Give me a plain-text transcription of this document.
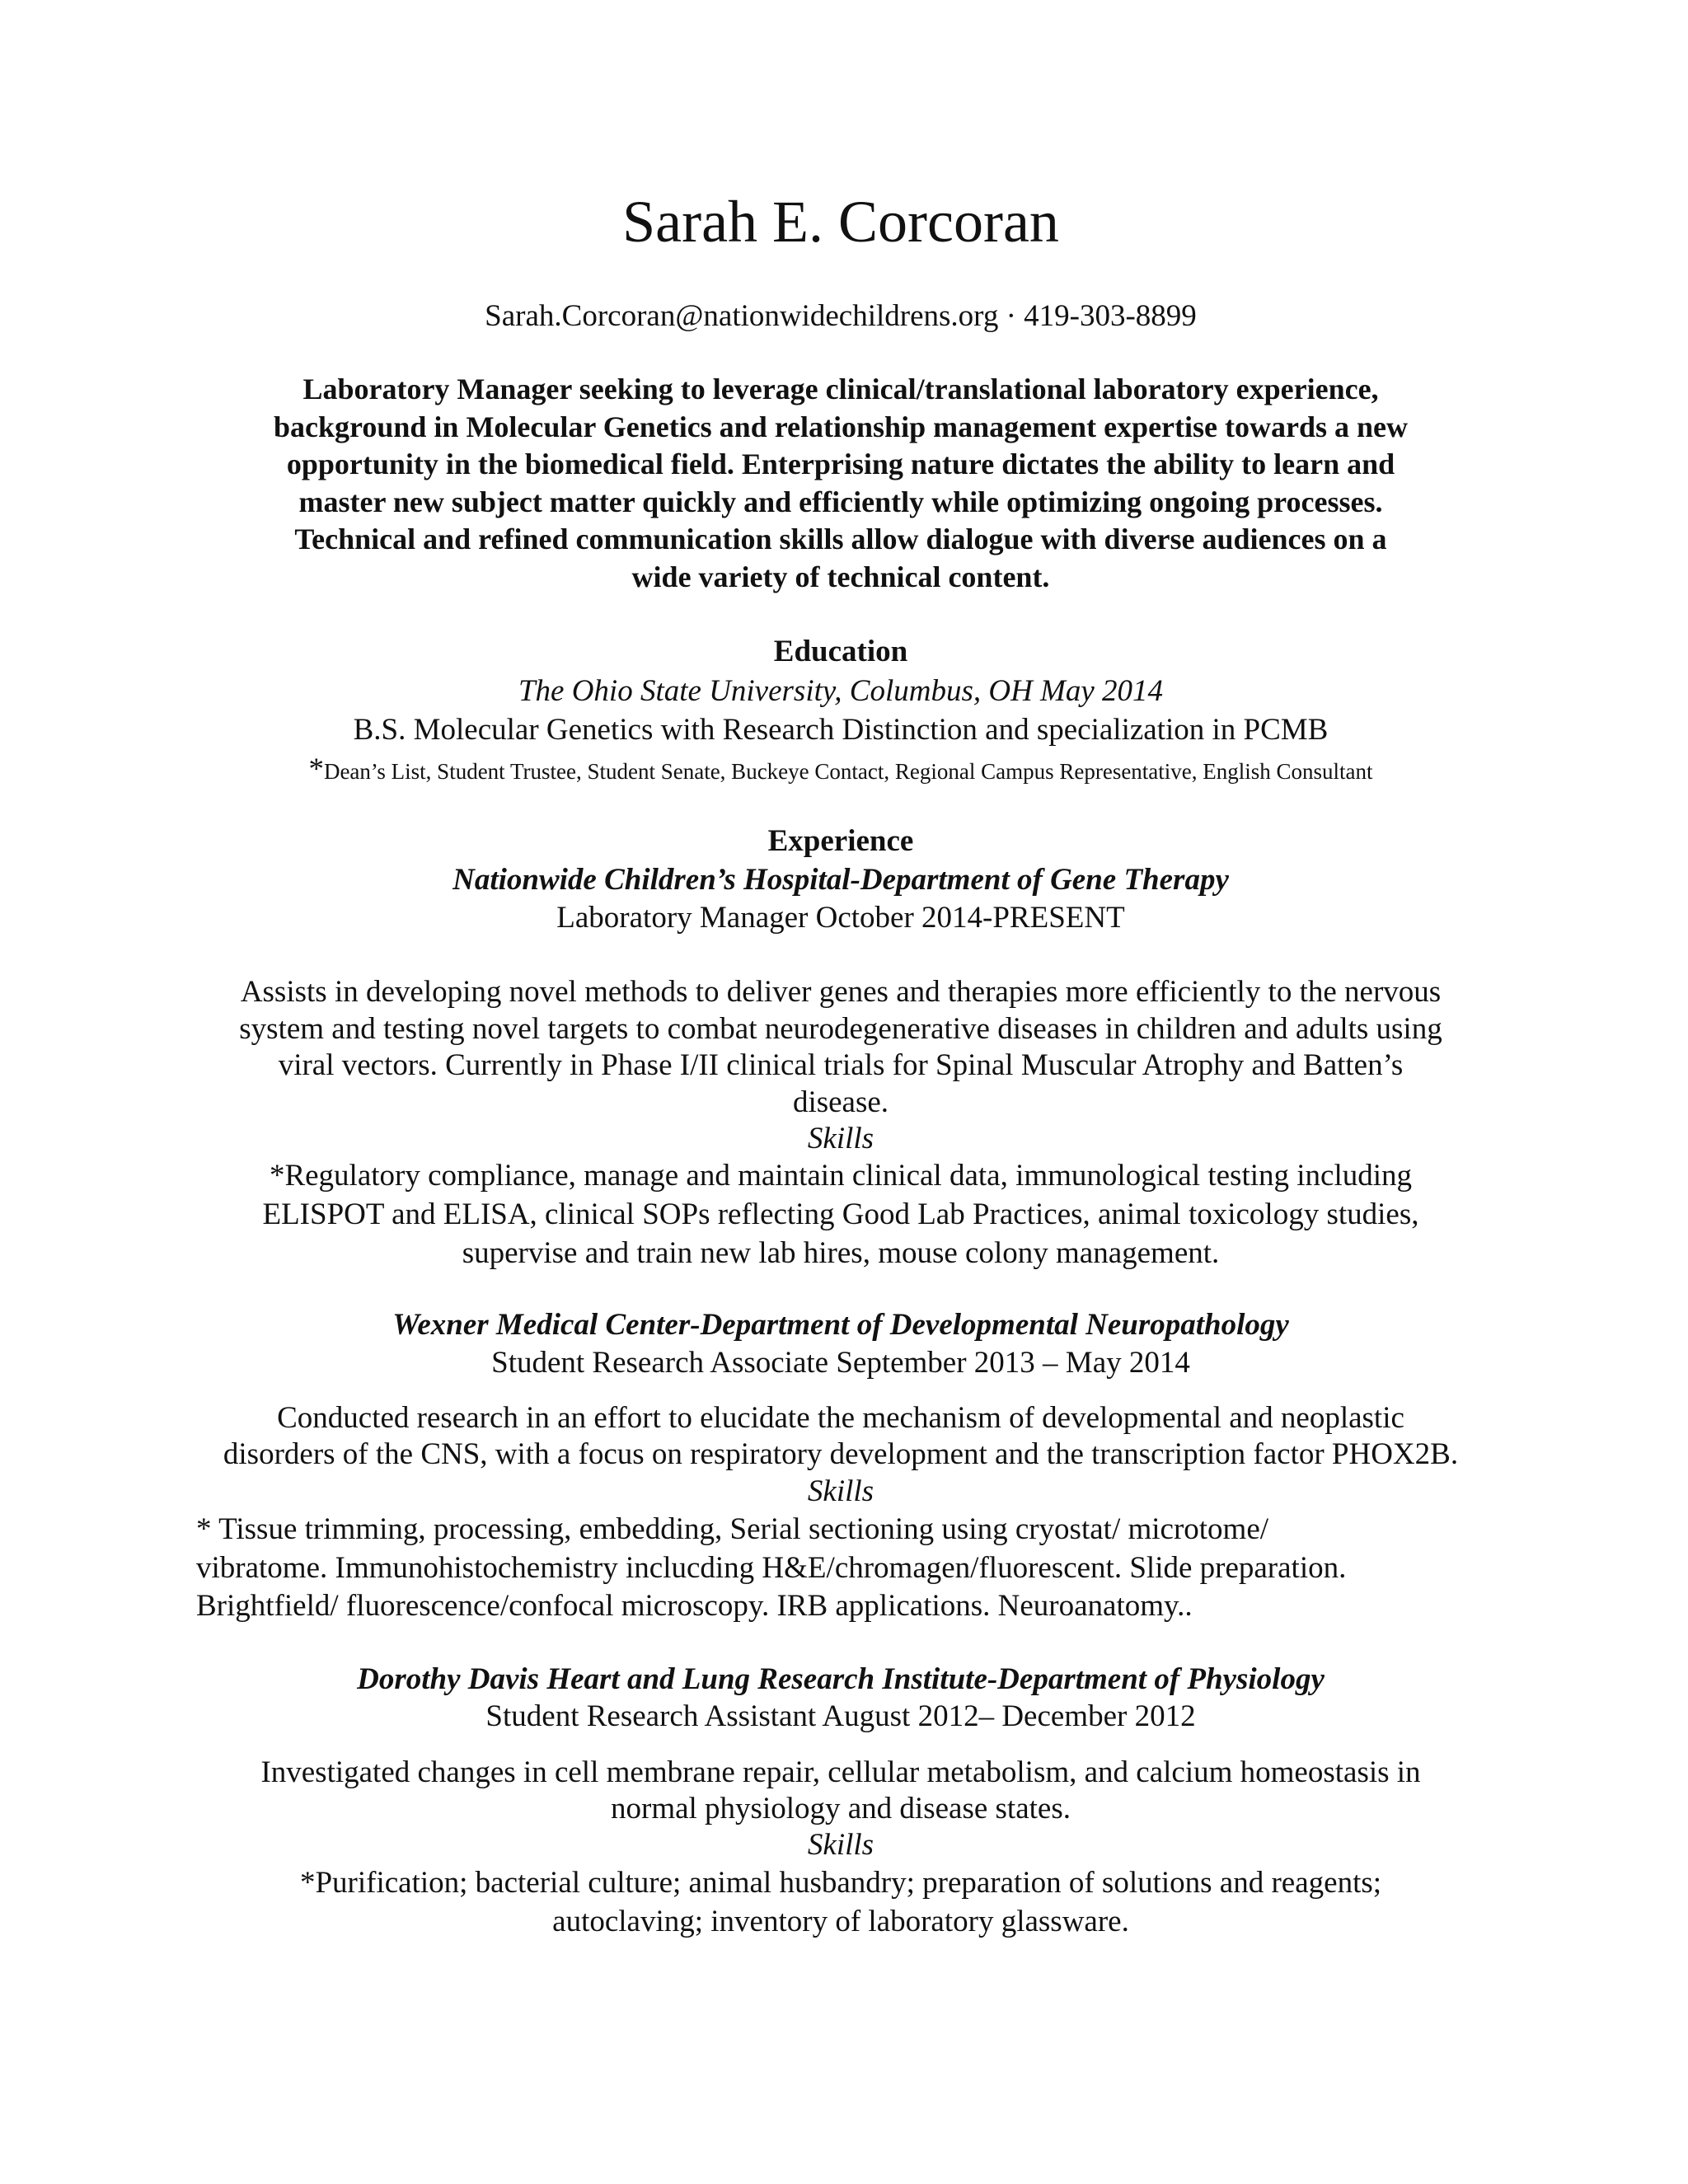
Sarah E. Corcoran
Sarah.Corcoran@nationwidechildrens.org · 419-303-8899
Laboratory Manager seeking to leverage clinical/translational laboratory experience,
background in Molecular Genetics and relationship management expertise towards a new
opportunity in the biomedical field. Enterprising nature dictates the ability to learn and
master new subject matter quickly and efficiently while optimizing ongoing processes.
Technical and refined communication skills allow dialogue with diverse audiences on a
wide variety of technical content.
Education
The Ohio State University, Columbus, OH May 2014
B.S. Molecular Genetics with Research Distinction and specialization in PCMB
*Dean’s List, Student Trustee, Student Senate, Buckeye Contact, Regional Campus Representative, English Consultant
Experience
Nationwide Children’s Hospital-Department of Gene Therapy
Laboratory Manager October 2014-PRESENT
Assists in developing novel methods to deliver genes and therapies more efficiently to the nervous
system and testing novel targets to combat neurodegenerative diseases in children and adults using
viral vectors. Currently in Phase I/II clinical trials for Spinal Muscular Atrophy and Batten’s
disease.
Skills
*Regulatory compliance, manage and maintain clinical data, immunological testing including
ELISPOT and ELISA, clinical SOPs reflecting Good Lab Practices, animal toxicology studies,
supervise and train new lab hires, mouse colony management.
Wexner Medical Center-Department of Developmental Neuropathology
Student Research Associate September 2013 – May 2014
Conducted research in an effort to elucidate the mechanism of developmental and neoplastic
disorders of the CNS, with a focus on respiratory development and the transcription factor PHOX2B.
Skills
* Tissue trimming, processing, embedding, Serial sectioning using cryostat/ microtome/
vibratome. Immunohistochemistry inclucding H&E/chromagen/fluorescent. Slide preparation.
Brightfield/ fluorescence/confocal microscopy. IRB applications. Neuroanatomy..
Dorothy Davis Heart and Lung Research Institute-Department of Physiology
Student Research Assistant August 2012– December 2012
Investigated changes in cell membrane repair, cellular metabolism, and calcium homeostasis in
normal physiology and disease states.
Skills
*Purification; bacterial culture; animal husbandry; preparation of solutions and reagents;
autoclaving; inventory of laboratory glassware.
